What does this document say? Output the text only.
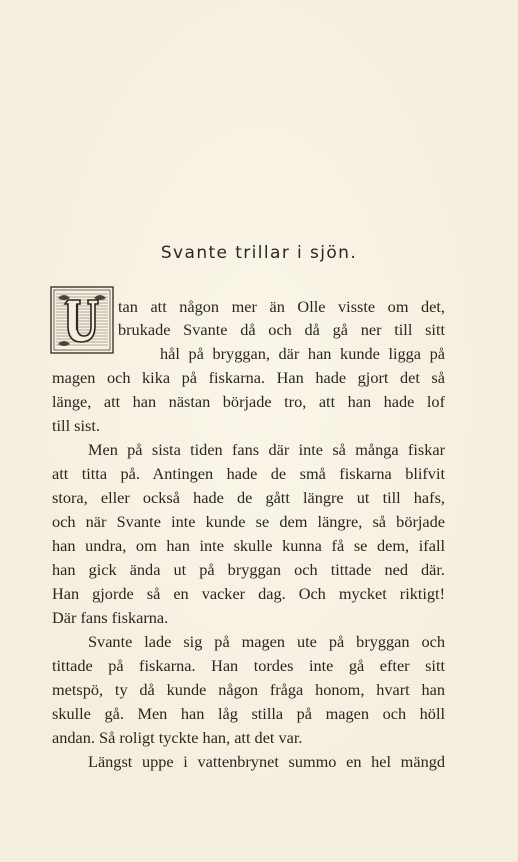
Svante trillar i sjön.
tan att någon mer än Olle visste om det,
brukade Svante då och då gå ner till sitt
hål på bryggan, där han kunde ligga på
magen och kika på fiskarna. Han hade gjort det så
länge, att han nästan började tro, att han hade lof
till sist.
Men på sista tiden fans där inte så många fiskar
att titta på. Antingen hade de små fiskarna blifvit
stora, eller också hade de gått längre ut till hafs,
och när Svante inte kunde se dem längre, så började
han undra, om han inte skulle kunna få se dem, ifall
han gick ända ut på bryggan och tittade ned där.
Han gjorde så en vacker dag. Och mycket riktigt!
Där fans fiskarna.
Svante lade sig på magen ute på bryggan och
tittade på fiskarna. Han tordes inte gå efter sitt
metspö, ty då kunde någon fråga honom, hvart han
skulle gå. Men han låg stilla på magen och höll
andan. Så roligt tyckte han, att det var.
Längst uppe i vattenbrynet summo en hel mängd
